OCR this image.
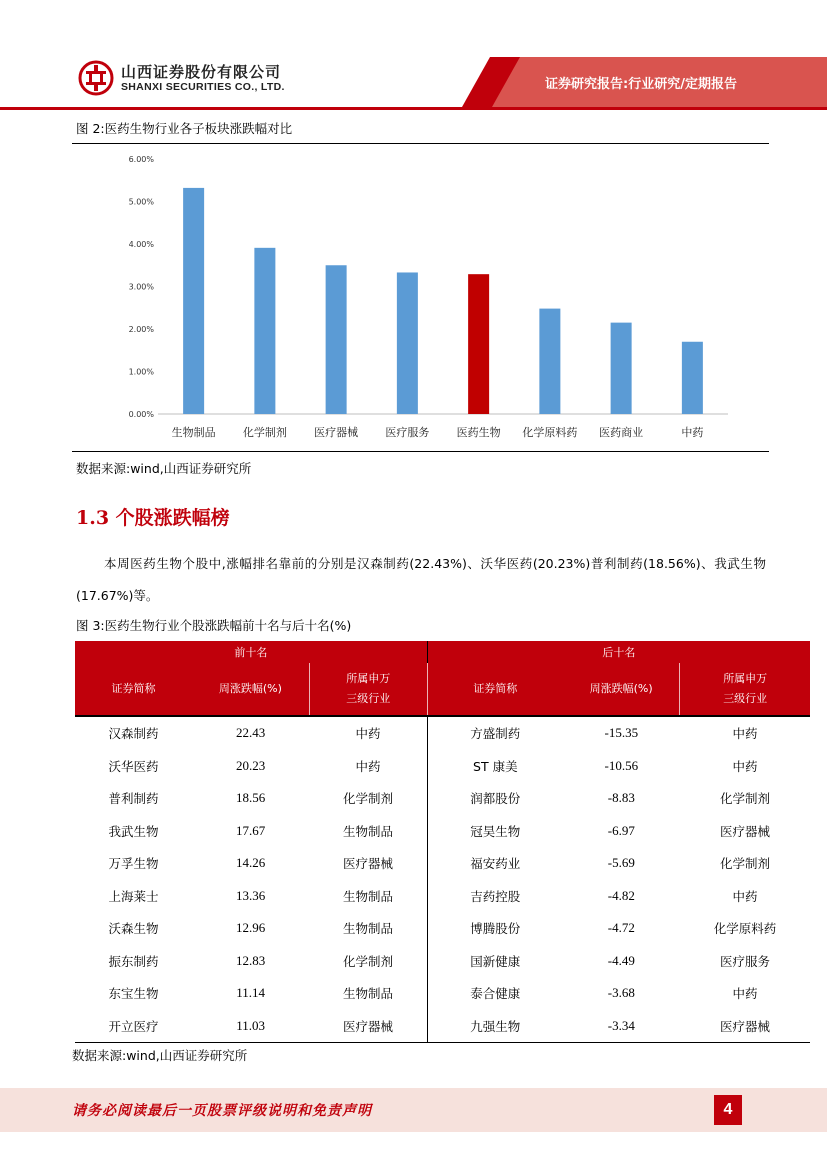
山西证券股份有限公司
SHANXI SECURITIES CO., LTD.	证券研究报告:行业研究/定期报告
图 2:医药生物行业各子板块涨跌幅对比
0.00%
1.00%
2.00%
3.00%
4.00%
5.00%
6.00%
生物制品 化学制剂 医疗器械 医疗服务 医药生物 化学原料药 医药商业	中药
数据来源:wind,山西证券研究所
1.3 个股涨跌幅榜
本周医药生物个股中,涨幅排名靠前的分别是汉森制药(22.43%)、沃华医药(20.23%)普利制药(18.56%)、我武生物(17.67%)等。
图 3:医药生物行业个股涨跌幅前十名与后十名(%)
前十名			后十名		
证券简称	周涨跌幅(%)	所属申万
三级行业	证券简称	周涨跌幅(%)	所属申万
三级行业
汉森制药	22.43	中药	方盛制药	-15.35	中药
沃华医药	20.23	中药	ST 康美	-10.56	中药
普利制药	18.56	化学制剂	润都股份	-8.83	化学制剂
我武生物	17.67	生物制品	冠昊生物	-6.97	医疗器械
万孚生物	14.26	医疗器械	福安药业	-5.69	化学制剂
上海莱士	13.36	生物制品	吉药控股	-4.82	中药
沃森生物	12.96	生物制品	博腾股份	-4.72	化学原料药
振东制药	12.83	化学制剂	国新健康	-4.49	医疗服务
东宝生物	11.14	生物制品	泰合健康	-3.68	中药
开立医疗	11.03	医疗器械	九强生物	-3.34	医疗器械
数据来源:wind,山西证券研究所
请务必阅读最后一页股票评级说明和免责声明	4
